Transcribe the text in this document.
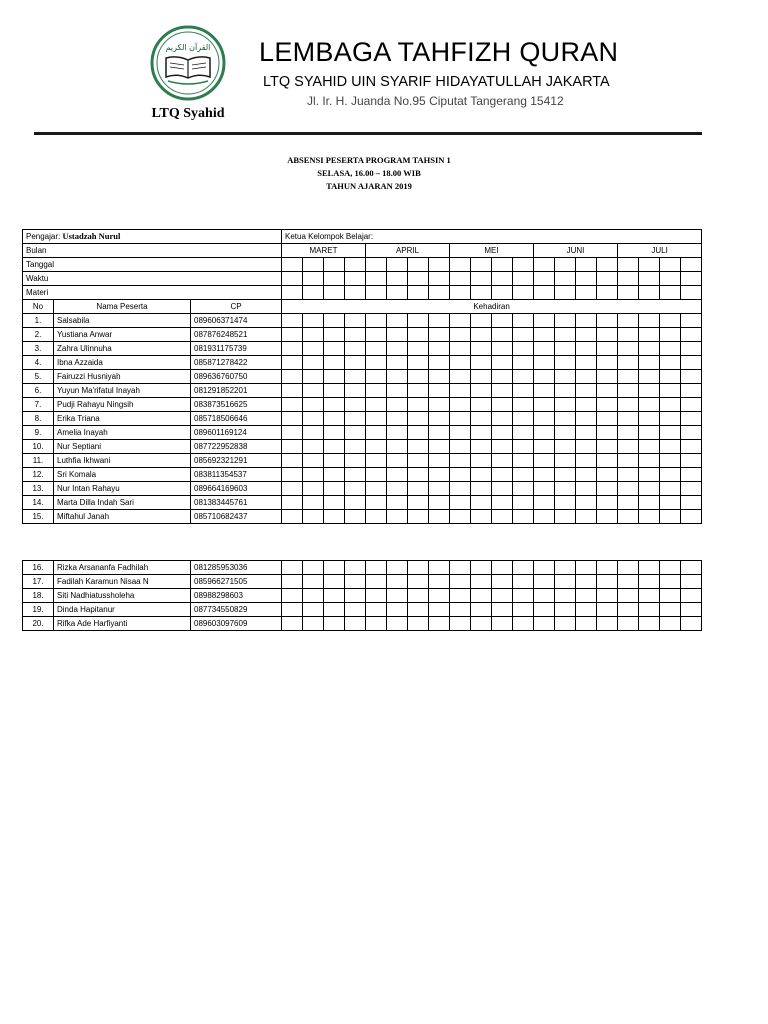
القرآن الكريم
LTQ Syahid
LEMBAGA TAHFIZH QURAN
LTQ SYAHID UIN SYARIF HIDAYATULLAH JAKARTA
Jl. Ir. H. Juanda No.95 Ciputat Tangerang 15412
ABSENSI PESERTA PROGRAM TAHSIN 1
SELASA, 16.00 – 18.00 WIB
TAHUN AJARAN 2019
Pengajar: Ustadzah Nurul			Ketua Kelompok Belajar:																			
Bulan			MARET				APRIL				MEI				JUNI				JULI			
Tanggal																						
Waktu																						
Materi																						
No	Nama Peserta	CP	Kehadiran																			
1.	Salsabila	089606371474																				
2.	Yustiana Anwar	087876248521																				
3.	Zahra Ulinnuha	08193117573​9																				
4.	Ibna Azzaida	085871278422																				
5.	Fairuzzi Husniyah	089636760750																				
6.	Yuyun Ma'rifatul Inayah	081291852201																				
7.	Pudji Rahayu Ningsih	083873516625																				
8.	Erika Triana	085718506646																				
9.	Amelia Inayah	089601169124																				
10.	Nur Septiani	087722952838																				
11.	Luthfia Ikhwani	085692321291																				
12.	Sri Komala	083811354537																				
13.	Nur Intan Rahayu	089664169603																				
14.	Marta Dilla Indah Sari	081383445761																				
15.	Miftahul Janah	085710682437																				
16.	Rizka Arsananfa Fadhilah	081285953036																				
17.	Fadilah Karamun Nisaa N	085966271505																				
18.	Siti Nadhiatussholeha	08988298603																				
19.	Dinda Hapitanur	087734550829																				
20.	Rifka Ade Harfiyanti	089603097609																				
